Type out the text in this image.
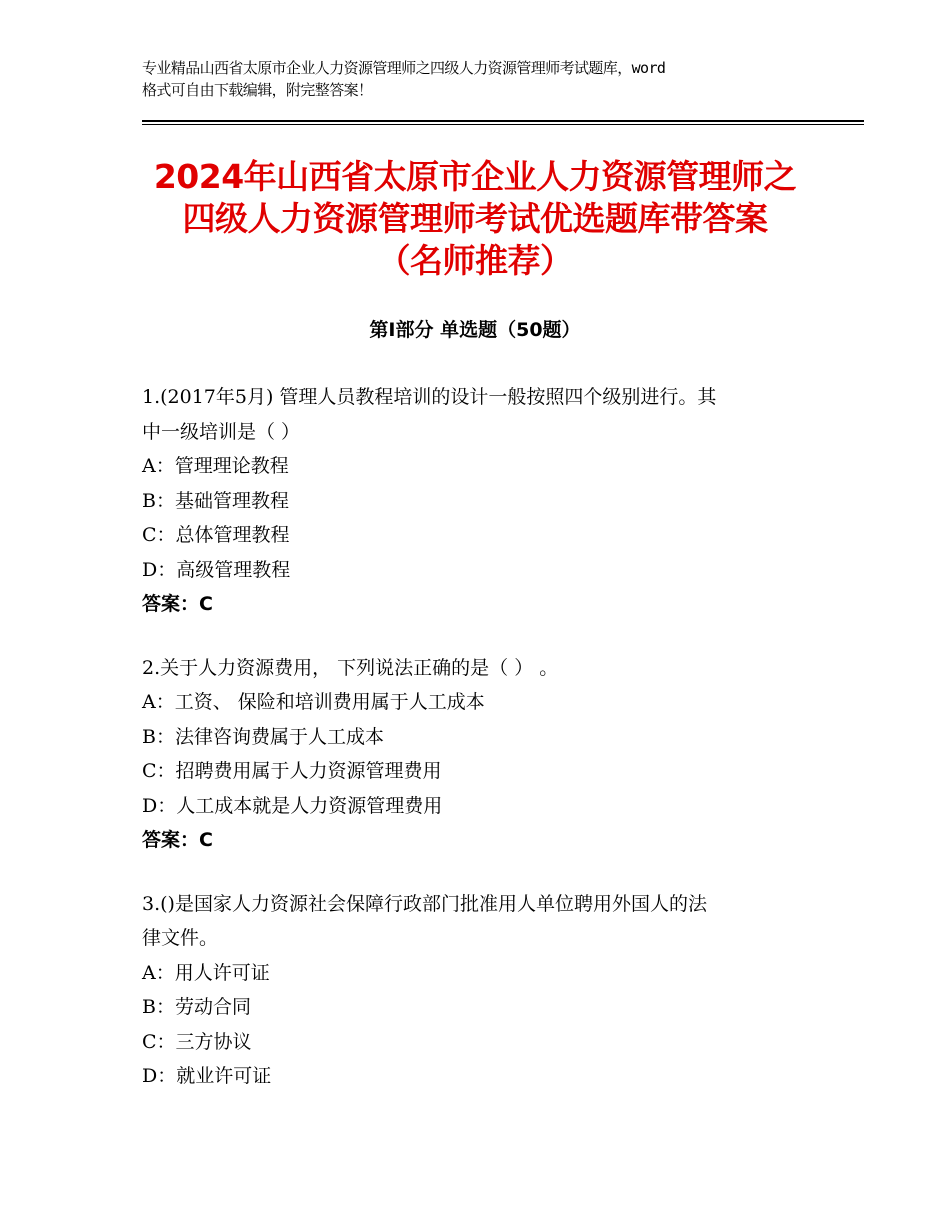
专业精品山西省太原市企业人力资源管理师之四级人力资源管理师考试题库，word
格式可自由下载编辑，附完整答案！
2024年山西省太原市企业人力资源管理师之
四级人力资源管理师考试优选题库带答案
（名师推荐）
第Ⅰ部分 单选题（50题）
1.(2017年5月) 管理人员教程培训的设计一般按照四个级别进行。其
中一级培训是（ ）
A：管理理论教程
B：基础管理教程
C：总体管理教程
D：高级管理教程
答案：C
2.关于人力资源费用， 下列说法正确的是（ ） 。
A：工资、 保险和培训费用属于人工成本
B：法律咨询费属于人工成本
C：招聘费用属于人力资源管理费用
D：人工成本就是人力资源管理费用
答案：C
3.()是国家人力资源社会保障行政部门批准用人单位聘用外国人的法
律文件。
A：用人许可证
B：劳动合同
C：三方协议
D：就业许可证
